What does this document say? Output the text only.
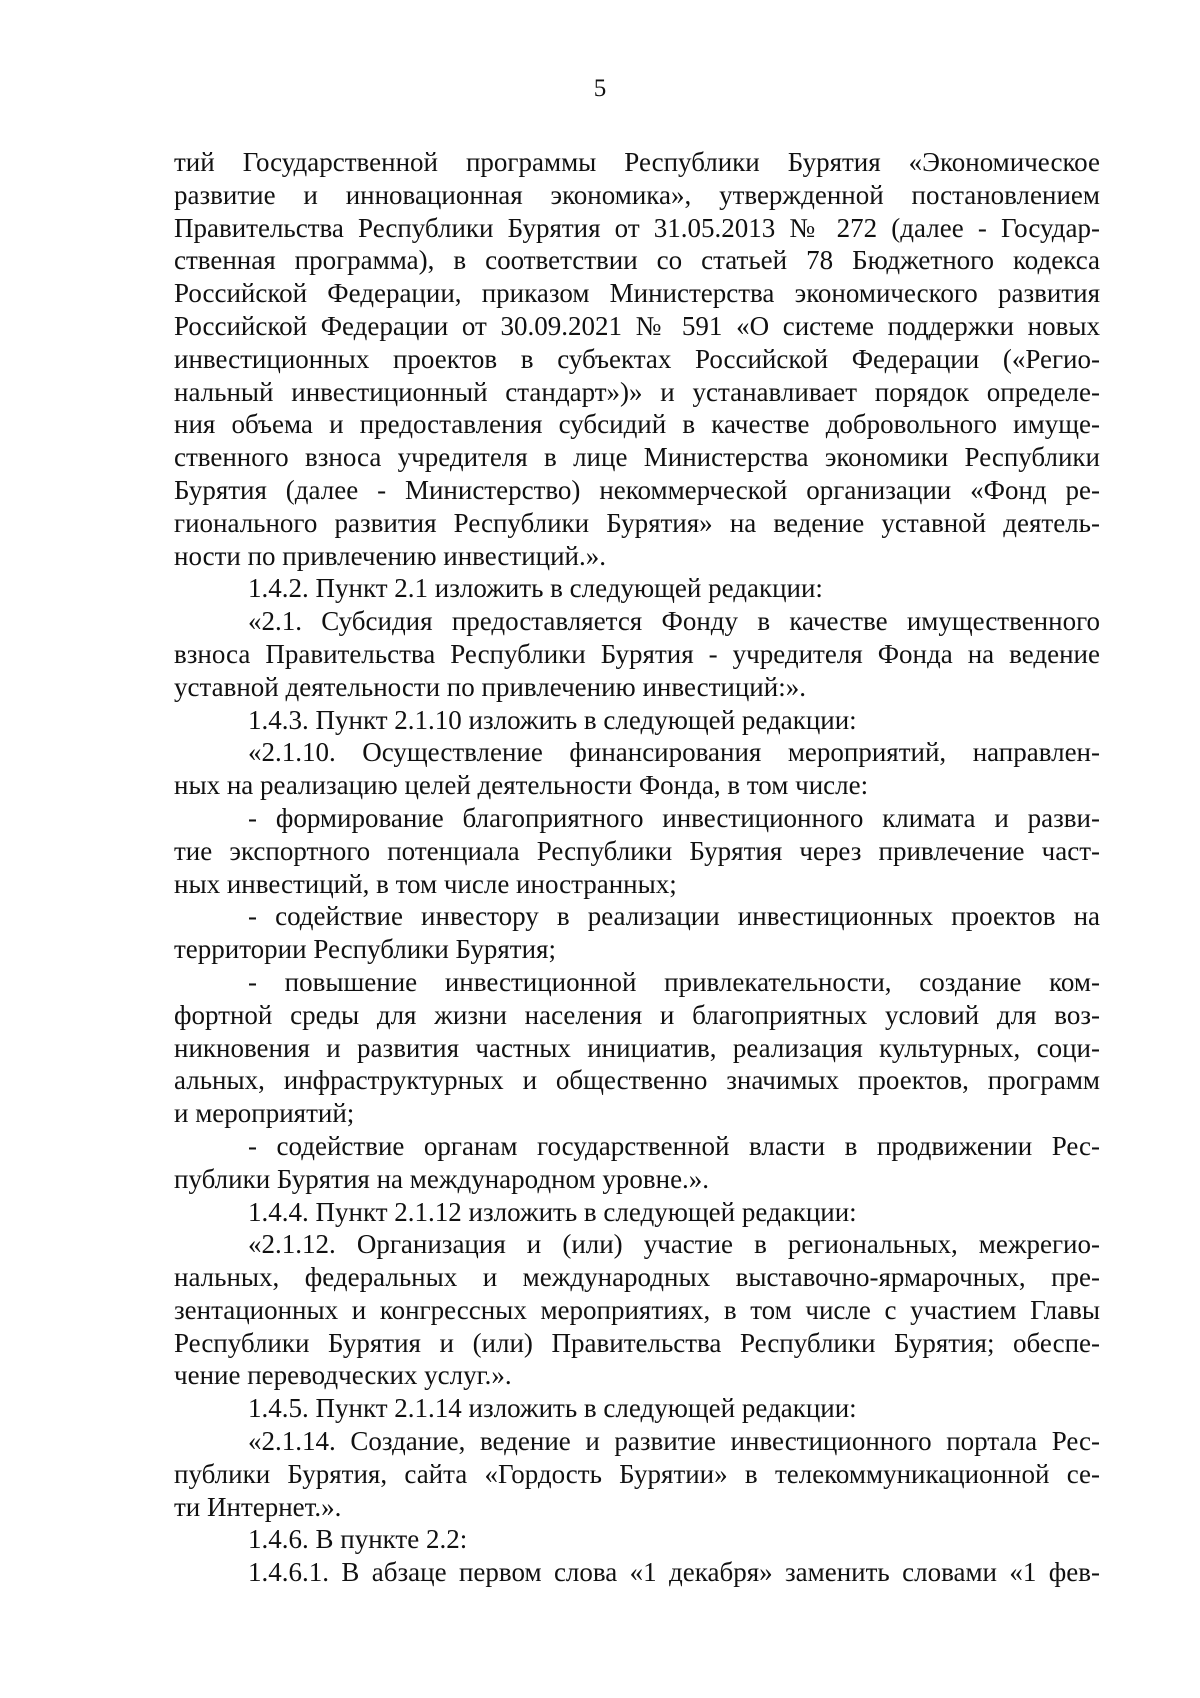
5
тий Государственной программы Республики Бурятия «Экономическое
развитие и инновационная экономика», утвержденной постановлением
Правительства Республики Бурятия от 31.05.2013 № 272 (далее - Государ-
ственная программа), в соответствии со статьей 78 Бюджетного кодекса
Российской Федерации, приказом Министерства экономического развития
Российской Федерации от 30.09.2021 № 591 «О системе поддержки новых
инвестиционных проектов в субъектах Российской Федерации («Регио-
нальный инвестиционный стандарт»)» и устанавливает порядок определе-
ния объема и предоставления субсидий в качестве добровольного имуще-
ственного взноса учредителя в лице Министерства экономики Республики
Бурятия (далее - Министерство) некоммерческой организации «Фонд ре-
гионального развития Республики Бурятия» на ведение уставной деятель-
ности по привлечению инвестиций.».
1.4.2. Пункт 2.1 изложить в следующей редакции:
«2.1. Субсидия предоставляется Фонду в качестве имущественного
взноса Правительства Республики Бурятия - учредителя Фонда на ведение
уставной деятельности по привлечению инвестиций:».
1.4.3. Пункт 2.1.10 изложить в следующей редакции:
«2.1.10. Осуществление финансирования мероприятий, направлен-
ных на реализацию целей деятельности Фонда, в том числе:
- формирование благоприятного инвестиционного климата и разви-
тие экспортного потенциала Республики Бурятия через привлечение част-
ных инвестиций, в том числе иностранных;
- содействие инвестору в реализации инвестиционных проектов на
территории Республики Бурятия;
- повышение инвестиционной привлекательности, создание ком-
фортной среды для жизни населения и благоприятных условий для воз-
никновения и развития частных инициатив, реализация культурных, соци-
альных, инфраструктурных и общественно значимых проектов, программ
и мероприятий;
- содействие органам государственной власти в продвижении Рес-
публики Бурятия на международном уровне.».
1.4.4. Пункт 2.1.12 изложить в следующей редакции:
«2.1.12. Организация и (или) участие в региональных, межрегио-
нальных, федеральных и международных выставочно-ярмарочных, пре-
зентационных и конгрессных мероприятиях, в том числе с участием Главы
Республики Бурятия и (или) Правительства Республики Бурятия; обеспе-
чение переводческих услуг.».
1.4.5. Пункт 2.1.14 изложить в следующей редакции:
«2.1.14. Создание, ведение и развитие инвестиционного портала Рес-
публики Бурятия, сайта «Гордость Бурятии» в телекоммуникационной се-
ти Интернет.».
1.4.6. В пункте 2.2:
1.4.6.1. В абзаце первом слова «1 декабря» заменить словами «1 фев-
